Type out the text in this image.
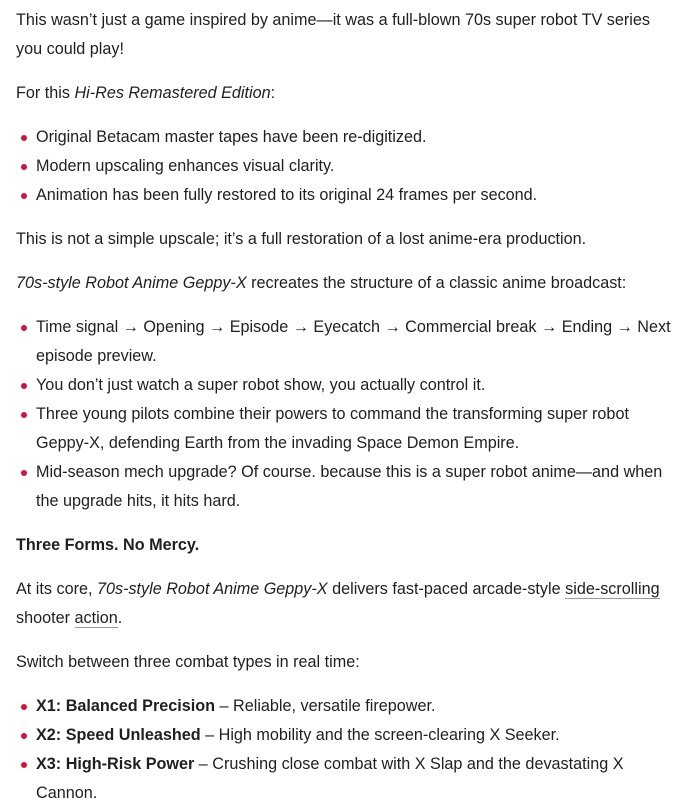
This wasn’t just a game inspired by anime—it was a full-blown 70s super robot TV series you could play!

For this Hi-Res Remastered Edition:

Original Betacam master tapes have been re-digitized.
Modern upscaling enhances visual clarity.
Animation has been fully restored to its original 24 frames per second.

This is not a simple upscale; it’s a full restoration of a lost anime-era production.

70s-style Robot Anime Geppy-X recreates the structure of a classic anime broadcast:

Time signal → Opening → Episode → Eyecatch → Commercial break → Ending → Next episode preview.
You don’t just watch a super robot show, you actually control it.
Three young pilots combine their powers to command the transforming super robot Geppy-X, defending Earth from the invading Space Demon Empire.
Mid-season mech upgrade? Of course. because this is a super robot anime—and when the upgrade hits, it hits hard.

Three Forms. No Mercy.

At its core, 70s-style Robot Anime Geppy-X delivers fast-paced arcade-style side-scrolling
shooter action.

Switch between three combat types in real time:

X1: Balanced Precision – Reliable, versatile firepower.
X2: Speed Unleashed – High mobility and the screen-clearing X Seeker.
X3: High-Risk Power – Crushing close combat with X Slap and the devastating X Cannon.
